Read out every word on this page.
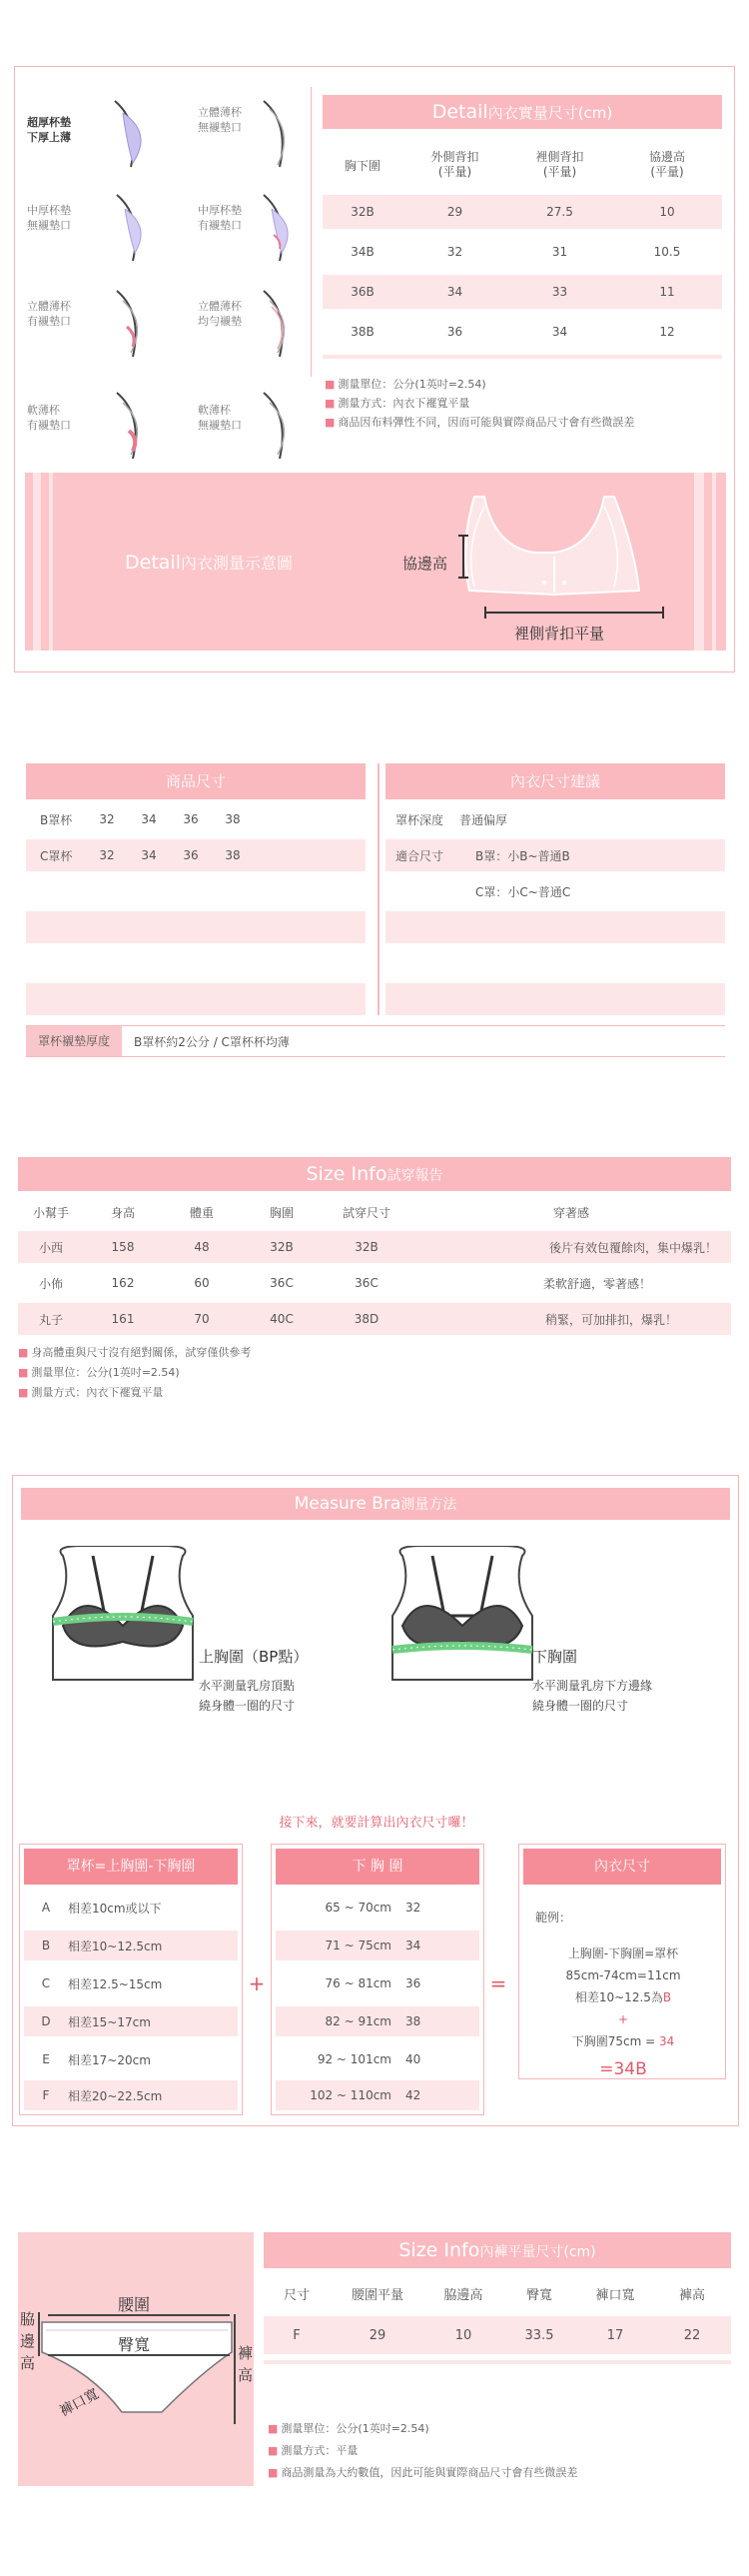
超厚杯墊
下厚上薄
立體薄杯
無襯墊口
中厚杯墊
無襯墊口
中厚杯墊
有襯墊口
立體薄杯
有襯墊口
立體薄杯
均勻襯墊
軟薄杯
有襯墊口
軟薄杯
無襯墊口
Detail內衣實量尺寸(cm)
胸下圍
外側背扣
(平量)
裡側背扣
(平量)
協邊高
(平量)
32B	29	27.5	10
34B	32	31	10.5
36B	34	33	11
38B	36	34	12
■ 測量單位：公分(1英吋=2.54)
■ 測量方式：內衣下襬寬平量
■ 商品因布料彈性不同，因而可能與實際商品尺寸會有些微誤差
Detail內衣測量示意圖	協邊高
裡側背扣平量
商品尺寸
B罩杯	32	34	36	38
C罩杯	32	34	36	38
內衣尺寸建議
罩杯深度	普通偏厚
適合尺寸	B罩：小B~普通B
C罩：小C~普通C
罩杯襯墊厚度	B罩杯約2公分 / C罩杯杯均薄
Size Info試穿報告
小幫手	身高	體重	胸圍	試穿尺寸	穿著感
小西	158	48	32B	32B	後片有效包覆餘肉，集中爆乳！
小佈	162	60	36C	36C	柔軟舒適，零著感！
丸子	161	70	40C	38D	稍緊，可加排扣，爆乳！
■ 身高體重與尺寸沒有絕對關係，試穿僅供參考
■ 測量單位：公分(1英吋=2.54)
■ 測量方式：內衣下襬寬平量
Measure Bra測量方法
上胸圍（BP點）
水平測量乳房頂點
繞身體一圈的尺寸
下胸圍
水平測量乳房下方邊緣
繞身體一圈的尺寸
接下來，就要計算出內衣尺寸囉！
罩杯=上胸圍-下胸圍
A	相差10cm或以下
B	相差10~12.5cm
C	相差12.5~15cm
D	相差15~17cm
E	相差17~20cm
F	相差20~22.5cm
+
下 胸 圍
65 ~ 70cm	32
71 ~ 75cm	34
76 ~ 81cm	36
82 ~ 91cm	38
92 ~ 101cm	40
102 ~ 110cm	42
=
內衣尺寸
範例：
上胸圍-下胸圍=罩杯
85cm-74cm=11cm
相差10~12.5為B
+
下胸圍75cm = 34
=34B
腰圍
臀寬
脇邊高
褲高
褲口寬
Size Info內褲平量尺寸(cm)
尺寸	腰圍平量	脇邊高	臀寬	褲口寬	褲高
F	29	10	33.5	17	22
■ 測量單位：公分(1英吋=2.54)
■ 測量方式：平量
■ 商品測量為大約數值，因此可能與實際商品尺寸會有些微誤差
